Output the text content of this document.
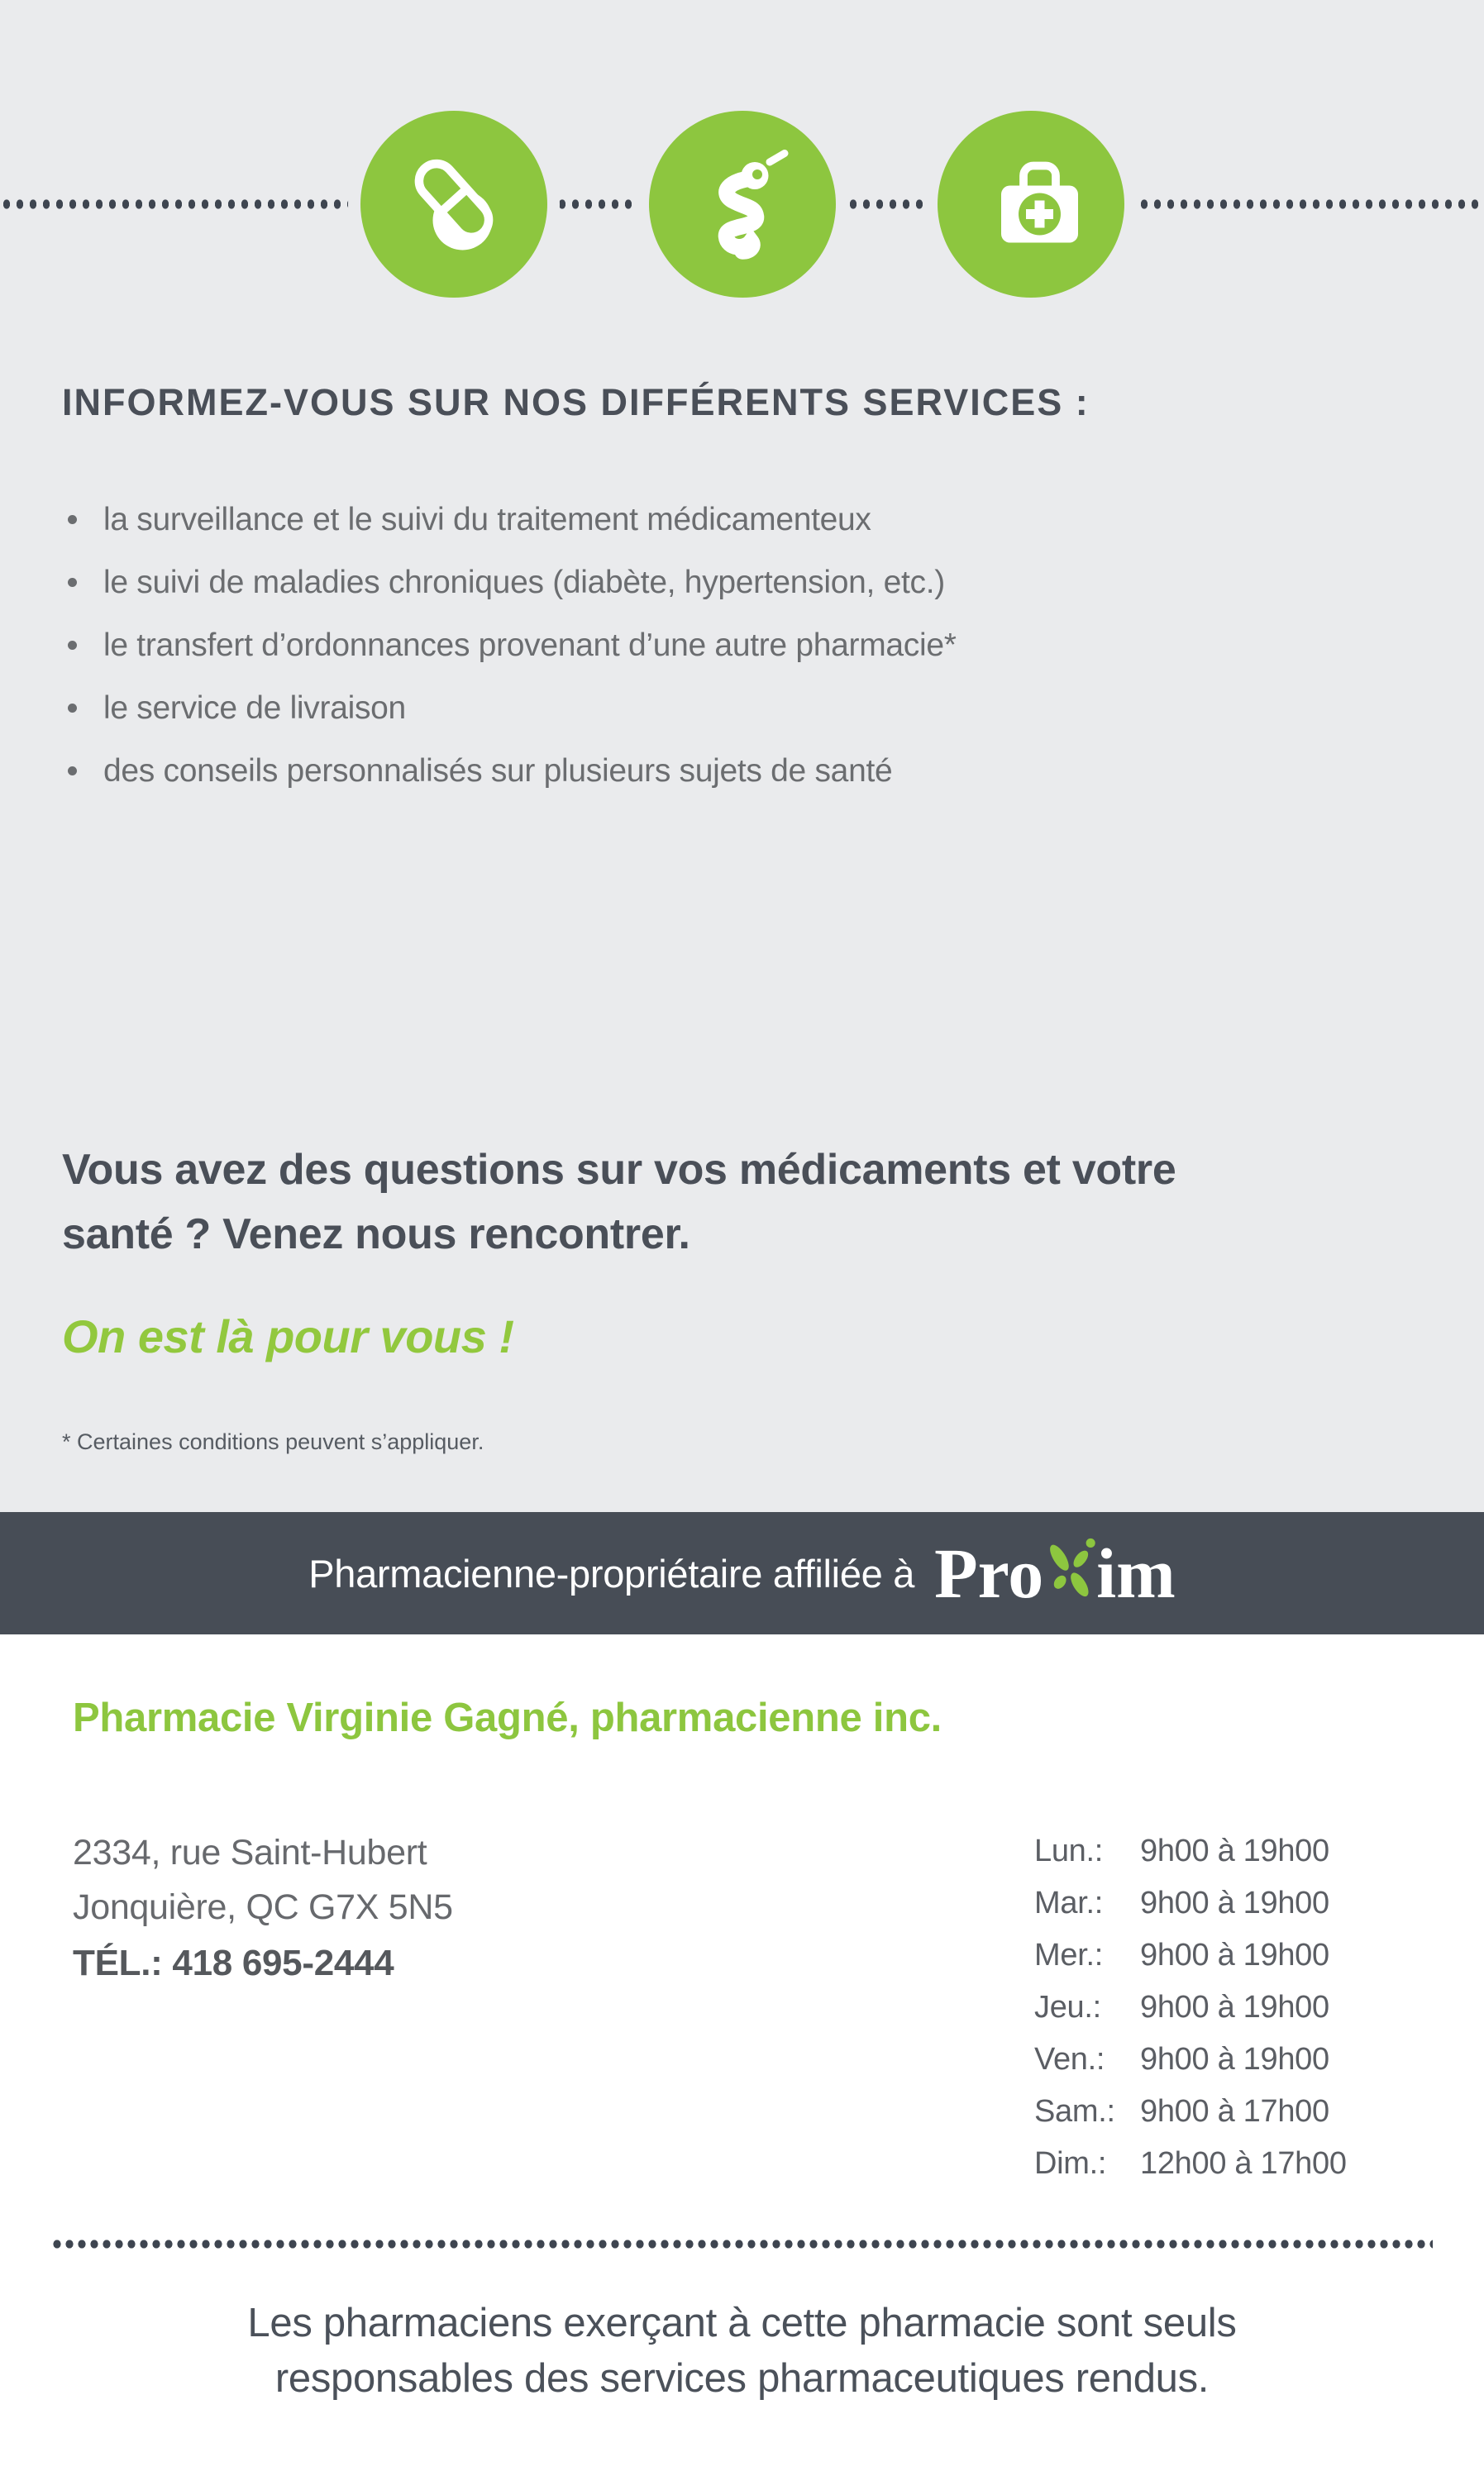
INFORMEZ-VOUS SUR NOS DIFFÉRENTS SERVICES :
la surveillance et le suivi du traitement médicamenteux
le suivi de maladies chroniques (diabète, hypertension, etc.)
le transfert d’ordonnances provenant d’une autre pharmacie*
le service de livraison
des conseils personnalisés sur plusieurs sujets de santé
Vous avez des questions sur vos médicaments et votre
santé ? Venez nous rencontrer.
On est là pour vous !
* Certaines conditions peuvent s’appliquer.
Pharmacienne-propriétaire affiliée à Pro im
Pharmacie Virginie Gagné, pharmacienne inc.
2334, rue Saint-Hubert
Jonquière, QC G7X 5N5
TÉL.: 418 695-2444
Lun.:	9h00 à 19h00
Mar.:	9h00 à 19h00
Mer.:	9h00 à 19h00
Jeu.:	9h00 à 19h00
Ven.:	9h00 à 19h00
Sam.: 9h00 à 17h00
Dim.:	12h00 à 17h00
Les pharmaciens exerçant à cette pharmacie sont seuls
responsables des services pharmaceutiques rendus.
